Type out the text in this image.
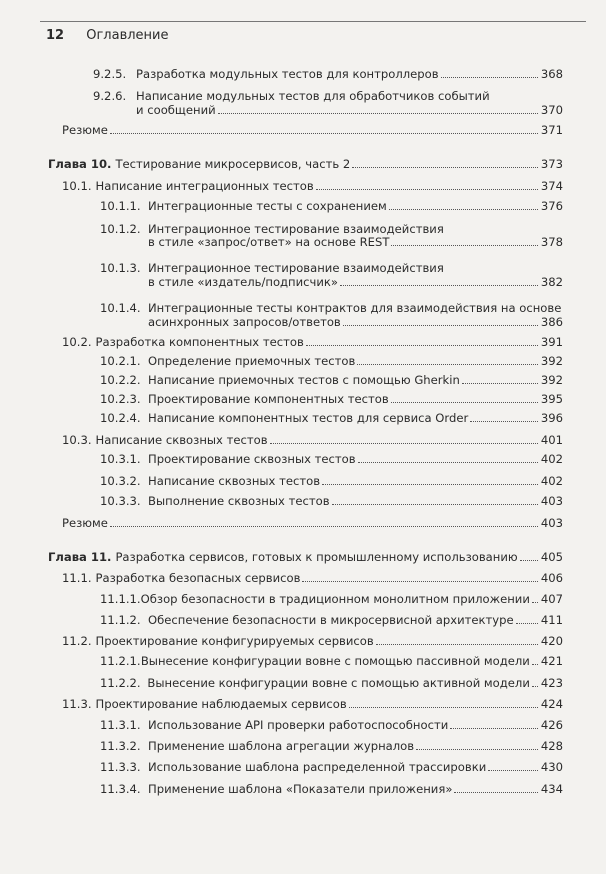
12 Оглавление
9.2.5. Разработка модульных тестов для контроллеров	368
9.2.6. Написание модульных тестов для обработчиков событий
и сообщений	370
Резюме	371
Глава 10. Тестирование микросервисов, часть 2	373
10.1. Написание интеграционных тестов	374
10.1.1. Интеграционные тесты с сохранением	376
10.1.2. Интеграционное тестирование взаимодействия
в стиле «запрос/ответ» на основе REST	378
10.1.3. Интеграционное тестирование взаимодействия
в стиле «издатель/подписчик»	382
10.1.4. Интеграционные тесты контрактов для взаимодействия на основе
асинхронных запросов/ответов	386
10.2. Разработка компонентных тестов	391
10.2.1. Определение приемочных тестов	392
10.2.2. Написание приемочных тестов с помощью Gherkin	392
10.2.3. Проектирование компонентных тестов	395
10.2.4. Написание компонентных тестов для сервиса Order	396
10.3. Написание сквозных тестов	401
10.3.1. Проектирование сквозных тестов	402
10.3.2. Написание сквозных тестов	402
10.3.3. Выполнение сквозных тестов	403
Резюме	403
Глава 11. Разработка сервисов, готовых к промышленному использованию 405
11.1. Разработка безопасных сервисов	406
11.1.1. Обзор безопасности в традиционном монолитном приложении 407
11.1.2. Обеспечение безопасности в микросервисной архитектуре 411
11.2. Проектирование конфигурируемых сервисов	420
11.2.1. Вынесение конфигурации вовне с помощью пассивной модели 421
11.2.2. Вынесение конфигурации вовне с помощью активной модели 423
11.3. Проектирование наблюдаемых сервисов	424
11.3.1. Использование API проверки работоспособности	426
11.3.2. Применение шаблона агрегации журналов	428
11.3.3. Использование шаблона распределенной трассировки	430
11.3.4. Применение шаблона «Показатели приложения»	434
